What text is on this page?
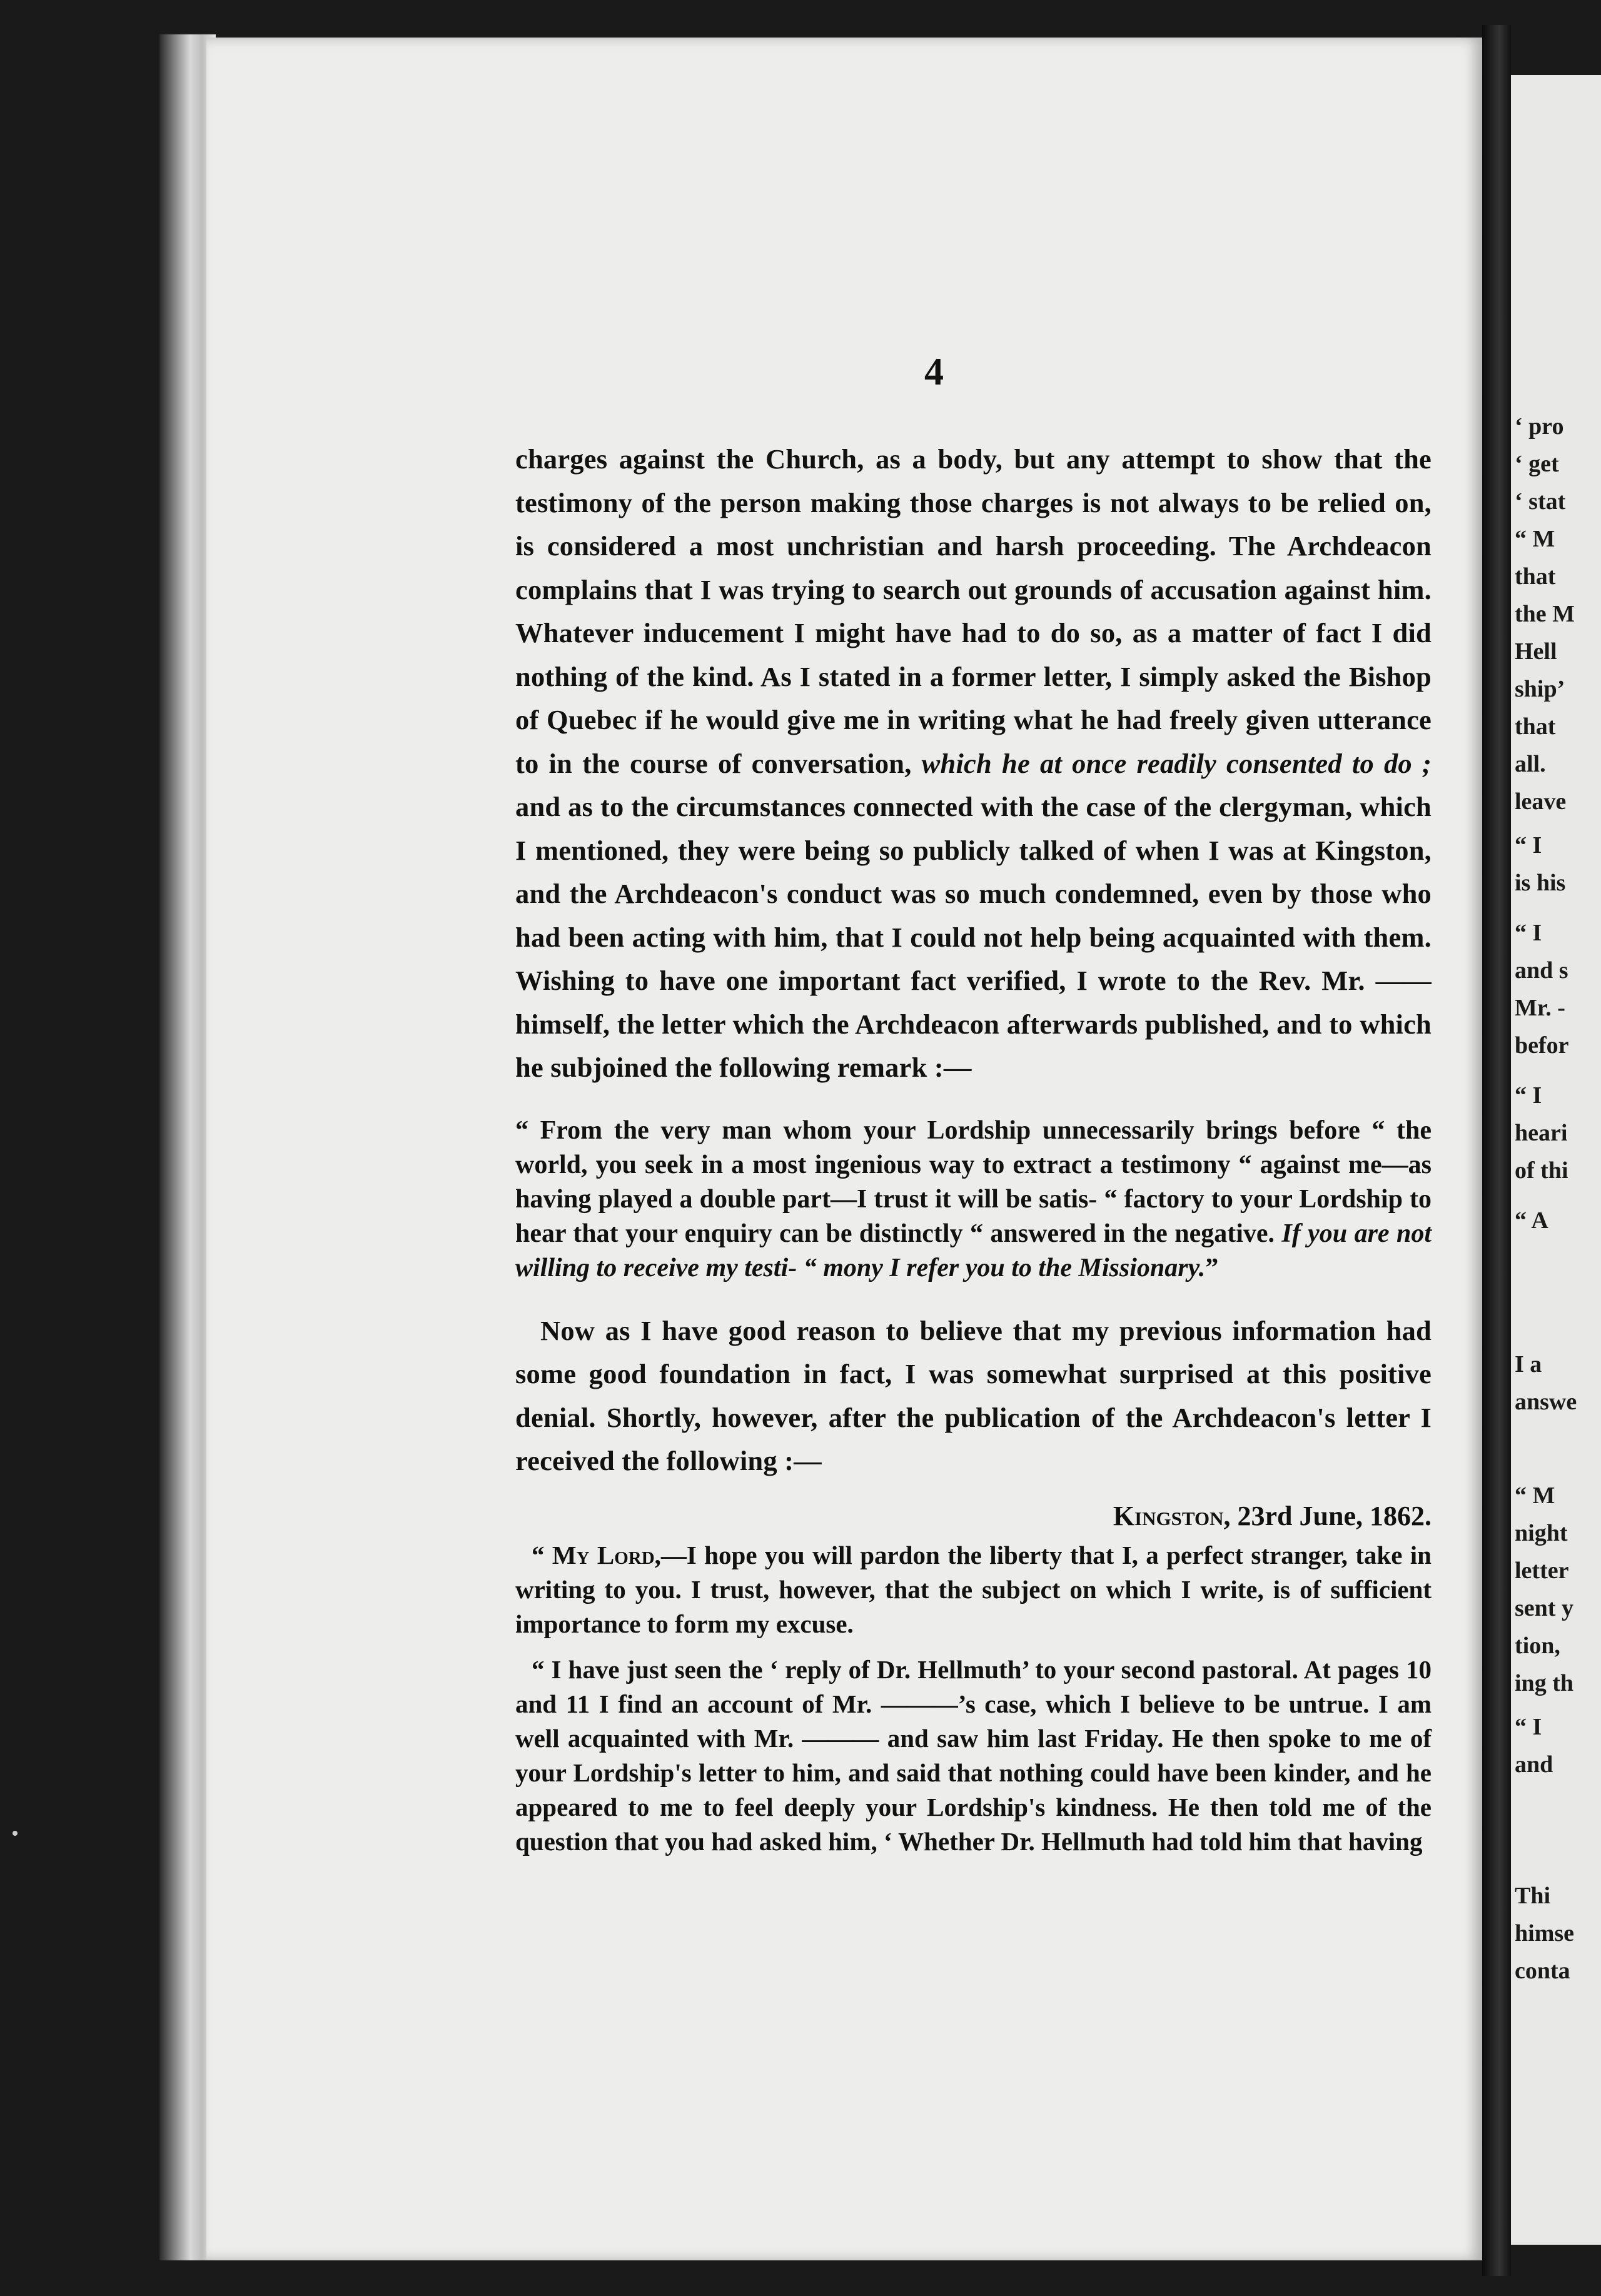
‘ pro
‘ get
‘ stat
“ M
that
the M
Hell
ship’
that
all.
leave
“ I
is his
“ I
and s
Mr. -
befor
“ I
heari
of thi
“ A
I a
answe
“ M
night
letter
sent y
tion,
ing th
“ I
and
Thi
himse
conta
4

charges against the Church, as a body, but any attempt to show that the testimony of the person making those charges is not always to be relied on, is considered a most unchristian and harsh proceeding. The Archdeacon complains that I was trying to search out grounds of accusation against him. Whatever inducement I might have had to do so, as a matter of fact I did nothing of the kind. As I stated in a former letter, I simply asked the Bishop of Quebec if he would give me in writing what he had freely given utterance to in the course of conversation, which he at once readily consented to do ; and as to the circumstances connected with the case of the clergyman, which I mentioned, they were being so publicly talked of when I was at Kingston, and the Archdeacon's conduct was so much condemned, even by those who had been acting with him, that I could not help being acquainted with them. Wishing to have one important fact verified, I wrote to the Rev. Mr. —— himself, the letter which the Archdeacon afterwards published, and to which he subjoined the following remark :—

“ From the very man whom your Lordship unnecessarily brings before “ the world, you seek in a most ingenious way to extract a testimony “ against me—as having played a double part—I trust it will be satis- “ factory to your Lordship to hear that your enquiry can be distinctly “ answered in the negative. If you are not willing to receive my testi- “ mony I refer you to the Missionary.”

Now as I have good reason to believe that my previous information had some good foundation in fact, I was somewhat surprised at this positive denial. Shortly, however, after the publication of the Archdeacon's letter I received the following :—

Kingston, 23rd June, 1862.

“ My Lord,—I hope you will pardon the liberty that I, a perfect stranger, take in writing to you. I trust, however, that the subject on which I write, is of sufficient importance to form my excuse.

“ I have just seen the ‘ reply of Dr. Hellmuth’ to your second pastoral. At pages 10 and 11 I find an account of Mr. ———’s case, which I believe to be untrue. I am well acquainted with Mr. ——— and saw him last Friday. He then spoke to me of your Lordship's letter to him, and said that nothing could have been kinder, and he appeared to me to feel deeply your Lordship's kindness. He then told me of the question that you had asked him, ‘ Whether Dr. Hellmuth had told him that having
